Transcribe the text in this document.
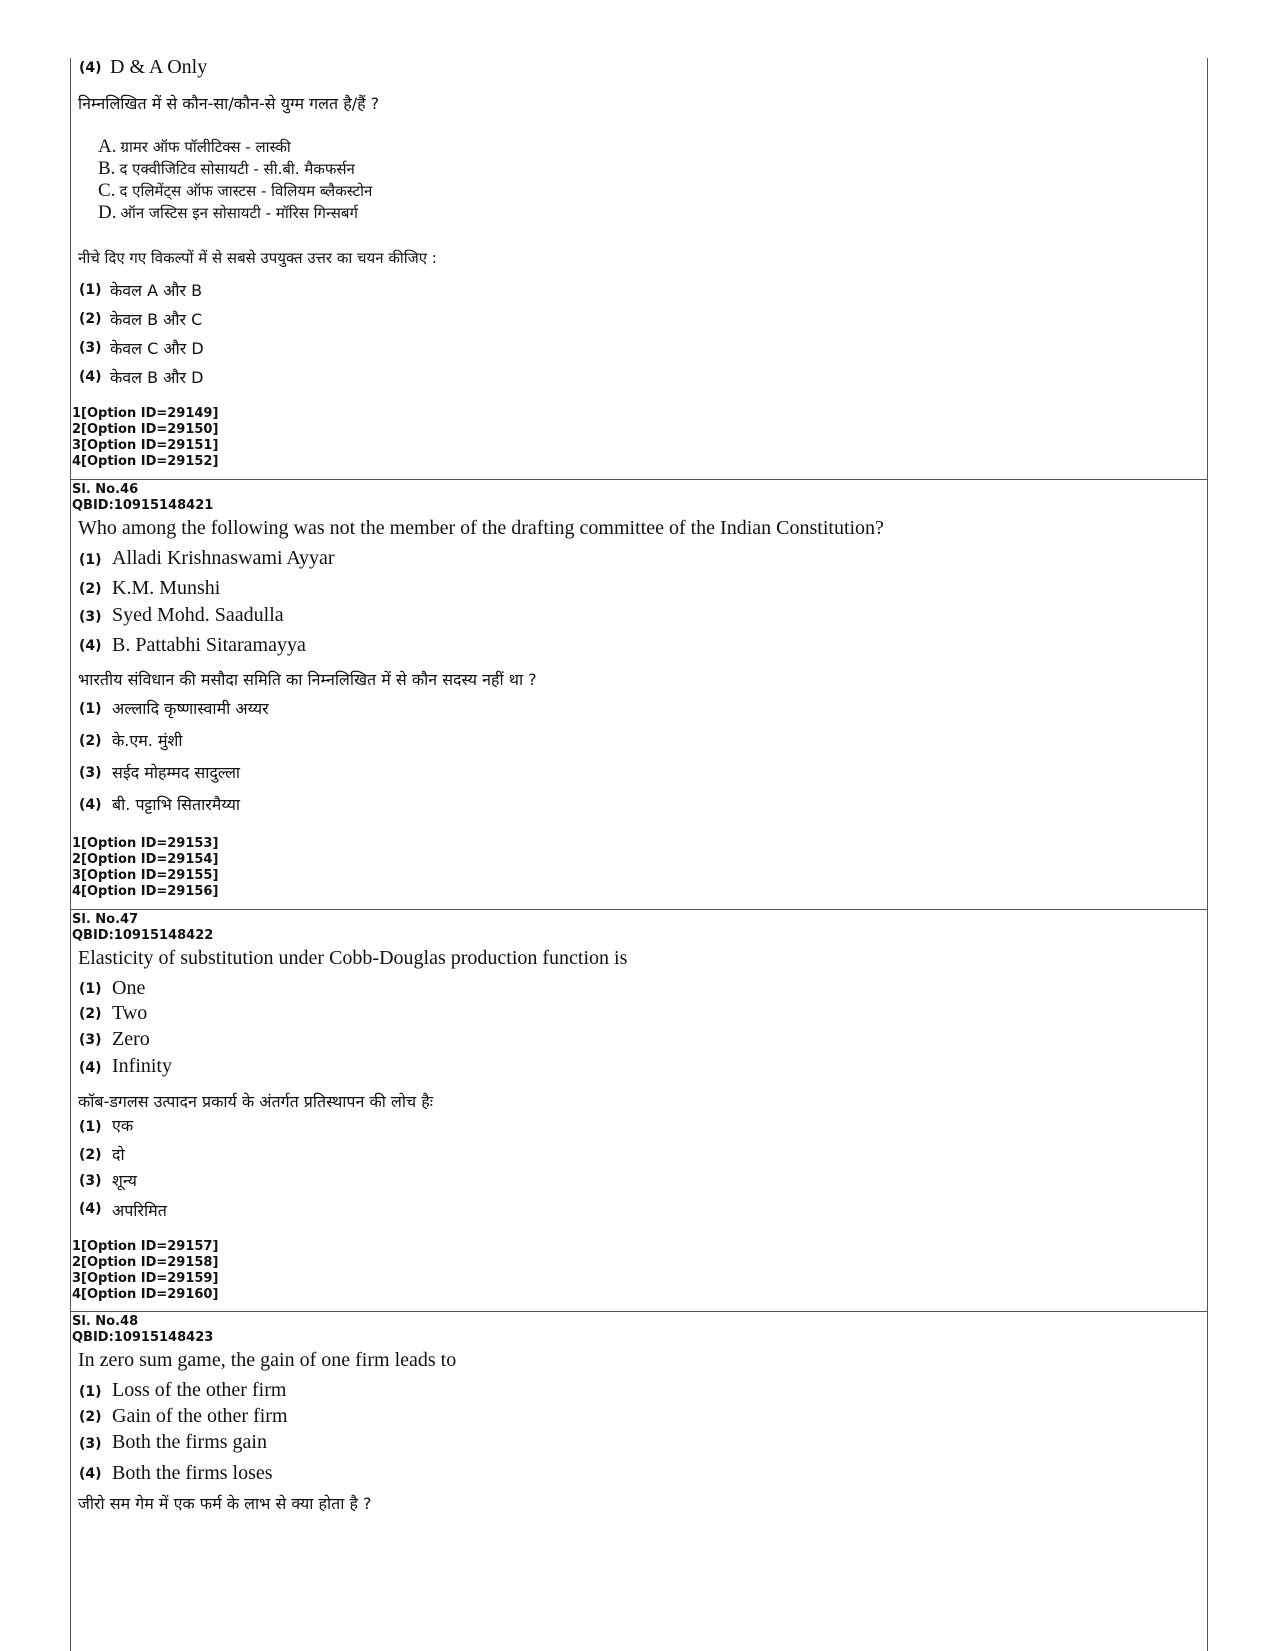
(4) D & A Only
निम्नलिखित में से कौन-सा/कौन-से युग्म गलत है/हैं ?
A. ग्रामर ऑफ पॉलीटिक्स - लास्की
B. द एक्वीजिटिव सोसायटी - सी.बी. मैकफर्सन
C. द एलिमेंट्स ऑफ जास्टस - विलियम ब्लैकस्टोन
D. ऑन जस्टिस इन सोसायटी - मॉरिस गिन्सबर्ग
नीचे दिए गए विकल्पों में से सबसे उपयुक्त उत्तर का चयन कीजिए :
(1) केवल A और B
(2) केवल B और C
(3) केवल C और D
(4) केवल B और D
1[Option ID=29149]
2[Option ID=29150]
3[Option ID=29151]
4[Option ID=29152]
Sl. No.46
QBID:10915148421
Who among the following was not the member of the drafting committee of the Indian Constitution?
(1) Alladi Krishnaswami Ayyar
(2) K.M. Munshi
(3) Syed Mohd. Saadulla
(4) B. Pattabhi Sitaramayya
भारतीय संविधान की मसौदा समिति का निम्नलिखित में से कौन सदस्य नहीं था ?
(1) अल्लादि कृष्णास्वामी अय्यर
(2) के.एम. मुंशी
(3) सईद मोहम्मद सादुल्ला
(4) बी. पट्टाभि सितारमैय्या
1[Option ID=29153]
2[Option ID=29154]
3[Option ID=29155]
4[Option ID=29156]
Sl. No.47
QBID:10915148422
Elasticity of substitution under Cobb-Douglas production function is
(1) One
(2) Two
(3) Zero
(4) Infinity
कॉब-डगलस उत्पादन प्रकार्य के अंतर्गत प्रतिस्थापन की लोच हैः
(1) एक
(2) दो
(3) शून्य
(4) अपरिमित
1[Option ID=29157]
2[Option ID=29158]
3[Option ID=29159]
4[Option ID=29160]
Sl. No.48
QBID:10915148423
In zero sum game, the gain of one firm leads to
(1) Loss of the other firm
(2) Gain of the other firm
(3) Both the firms gain
(4) Both the firms loses
जीरो सम गेम में एक फर्म के लाभ से क्या होता है ?
